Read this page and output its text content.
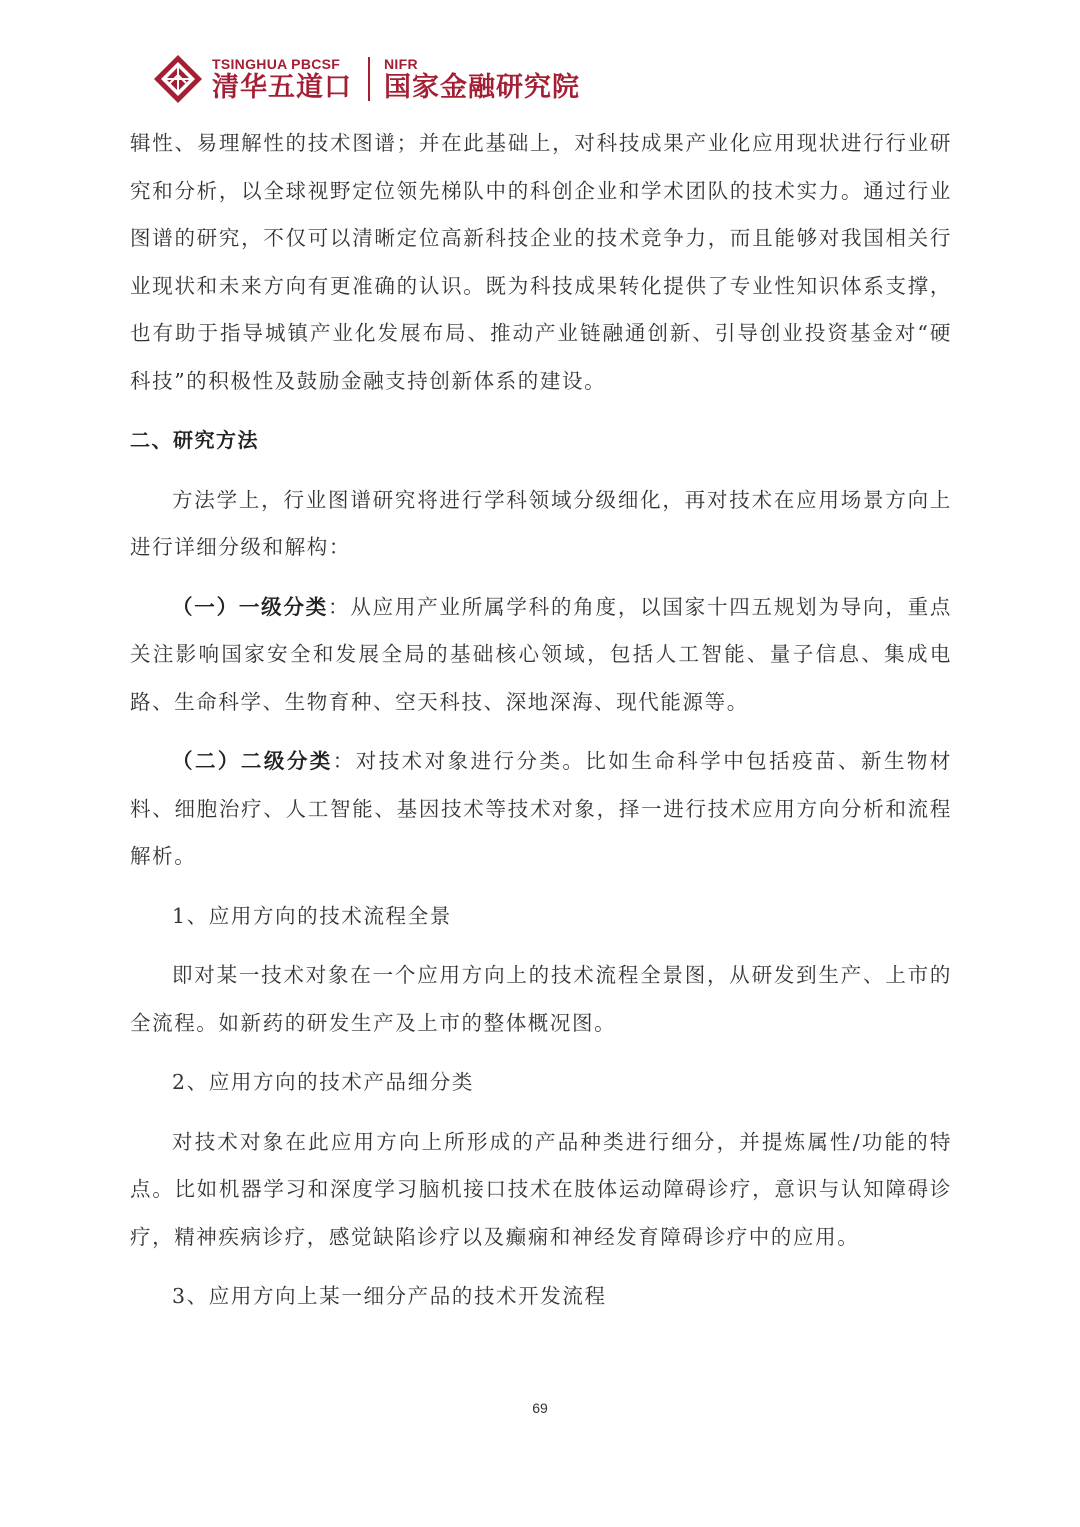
TSINGHUA PBCSF
清华五道口
NIFR
国家金融研究院

辑性、易理解性的技术图谱；并在此基础上，对科技成果产业化应用现状进行行业研究和分析，以全球视野定位领先梯队中的科创企业和学术团队的技术实力。通过行业图谱的研究，不仅可以清晰定位高新科技企业的技术竞争力，而且能够对我国相关行业现状和未来方向有更准确的认识。既为科技成果转化提供了专业性知识体系支撑，也有助于指导城镇产业化发展布局、推动产业链融通创新、引导创业投资基金对“硬科技”的积极性及鼓励金融支持创新体系的建设。

二、研究方法

方法学上，行业图谱研究将进行学科领域分级细化，再对技术在应用场景方向上进行详细分级和解构：

（一）一级分类：从应用产业所属学科的角度，以国家十四五规划为导向，重点关注影响国家安全和发展全局的基础核心领域，包括人工智能、量子信息、集成电路、生命科学、生物育种、空天科技、深地深海、现代能源等。

（二）二级分类：对技术对象进行分类。比如生命科学中包括疫苗、新生物材料、细胞治疗、人工智能、基因技术等技术对象，择一进行技术应用方向分析和流程解析。

1、应用方向的技术流程全景

即对某一技术对象在一个应用方向上的技术流程全景图，从研发到生产、上市的全流程。如新药的研发生产及上市的整体概况图。

2、应用方向的技术产品细分类

对技术对象在此应用方向上所形成的产品种类进行细分，并提炼属性/功能的特点。比如机器学习和深度学习脑机接口技术在肢体运动障碍诊疗，意识与认知障碍诊疗，精神疾病诊疗，感觉缺陷诊疗以及癫痫和神经发育障碍诊疗中的应用。

3、应用方向上某一细分产品的技术开发流程

69
